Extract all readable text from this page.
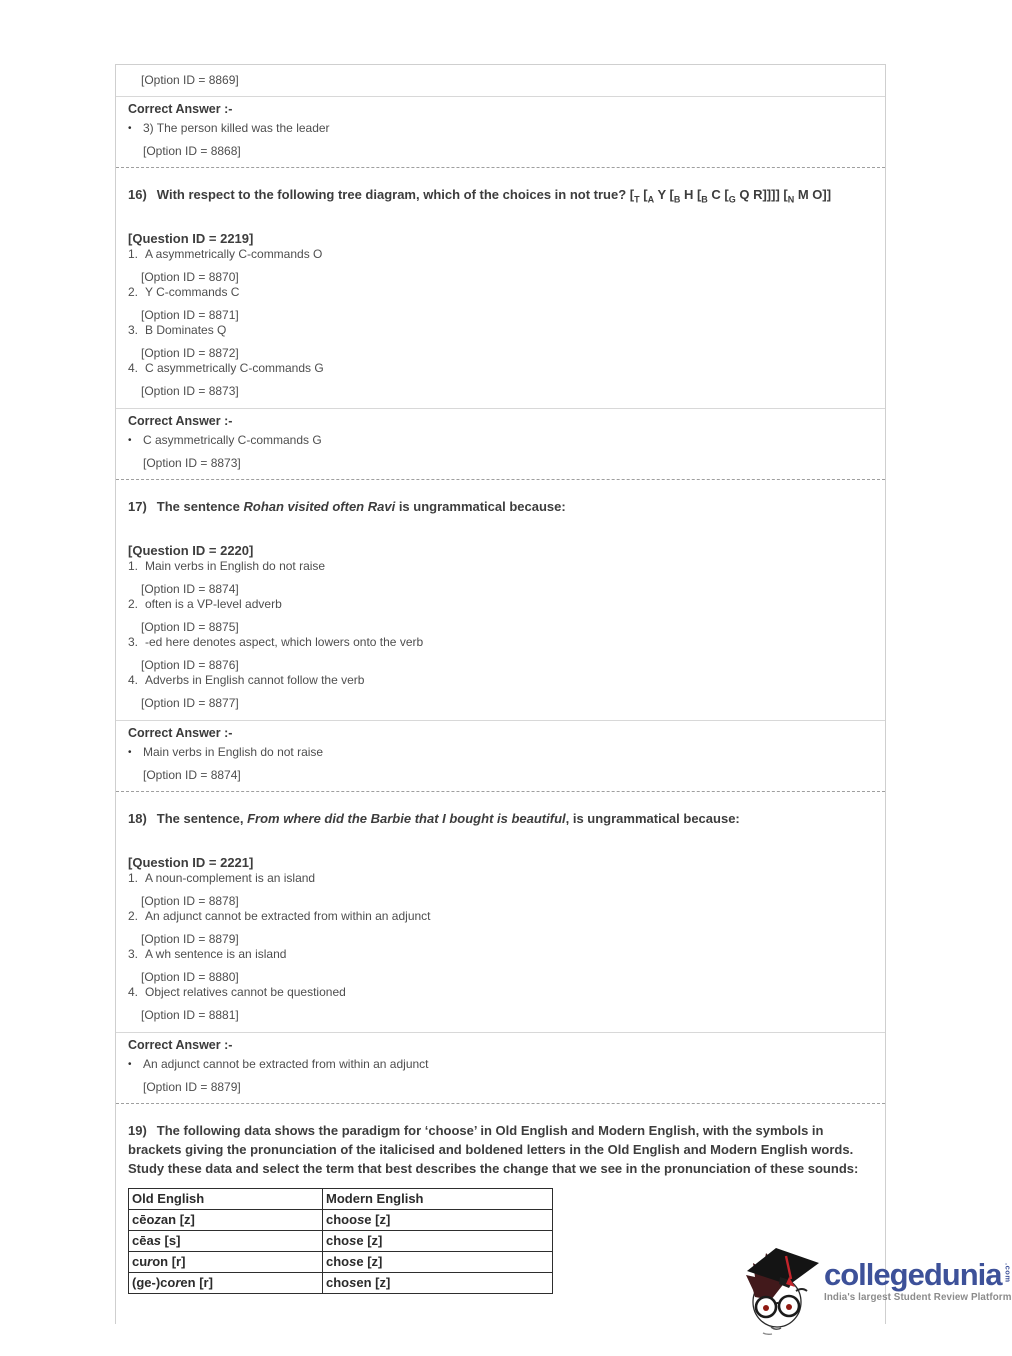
[Option ID = 8869]
Correct Answer :-
• 3) The person killed was the leader
[Option ID = 8868]
16) With respect to the following tree diagram, which of the choices in not true? [$_T$ [$_A$ Y [$_B$ H [$_B$ C [$_G$ Q R]]]] [$_N$ M O]]
[Question ID = 2219]
1. A asymmetrically C-commands O
[Option ID = 8870]
2. Y C-commands C
[Option ID = 8871]
3. B Dominates Q
[Option ID = 8872]
4. C asymmetrically C-commands G
[Option ID = 8873]
Correct Answer :-
• C asymmetrically C-commands G
[Option ID = 8873]
17) The sentence Rohan visited often Ravi is ungrammatical because:
[Question ID = 2220]
1. Main verbs in English do not raise
[Option ID = 8874]
2. often is a VP-level adverb
[Option ID = 8875]
3. -ed here denotes aspect, which lowers onto the verb
[Option ID = 8876]
4. Adverbs in English cannot follow the verb
[Option ID = 8877]
Correct Answer :-
• Main verbs in English do not raise
[Option ID = 8874]
18) The sentence, From where did the Barbie that I bought is beautiful, is ungrammatical because:
[Question ID = 2221]
1. A noun-complement is an island
[Option ID = 8878]
2. An adjunct cannot be extracted from within an adjunct
[Option ID = 8879]
3. A wh sentence is an island
[Option ID = 8880]
4. Object relatives cannot be questioned
[Option ID = 8881]
Correct Answer :-
• An adjunct cannot be extracted from within an adjunct
[Option ID = 8879]
19) The following data shows the paradigm for ‘choose’ in Old English and Modern English, with the symbols in brackets giving the pronunciation of the italicised and boldened letters in the Old English and Modern English words. Study these data and select the term that best describes the change that we see in the pronunciation of these sounds:
Old English	Modern English
cēozan [z]	choose [z]
cēas [s]	chose [z]
curon [r]	chose [z]
(ge-)coren [r]	chosen [z]	collegedunia .com
India's largest Student Review Platform
